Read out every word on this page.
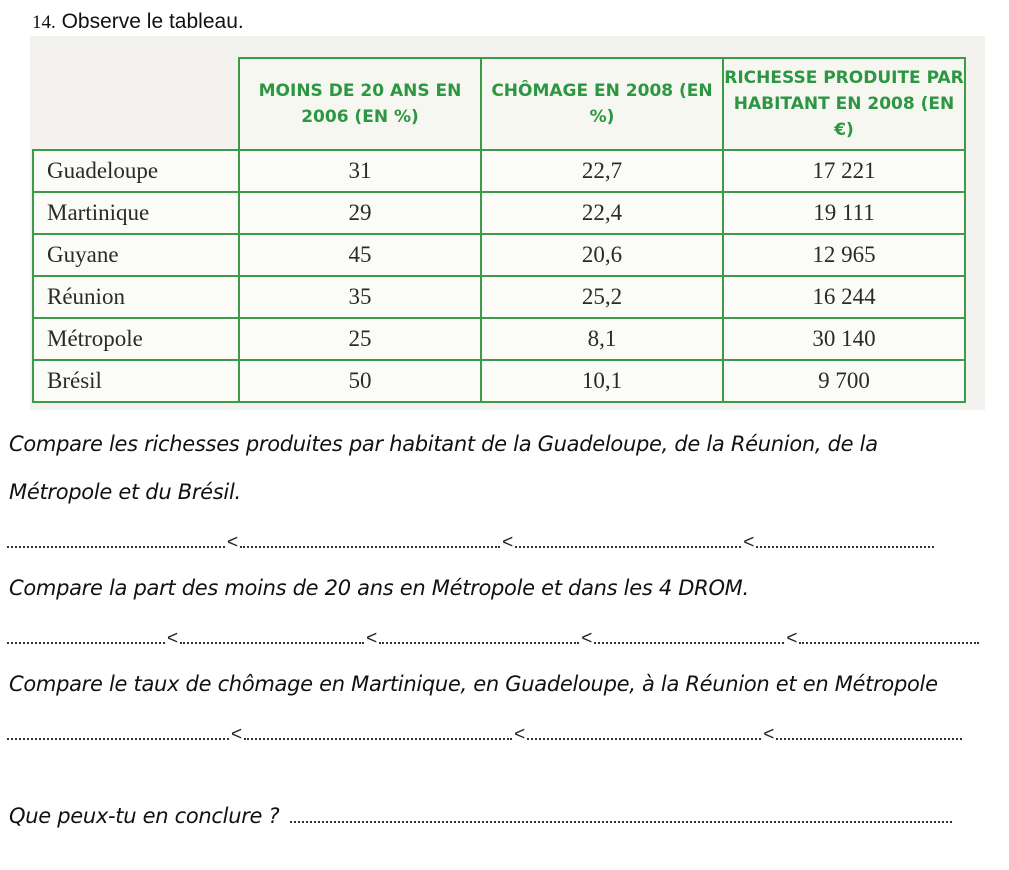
14. Observe le tableau.
	MOINS DE 20 ANS EN 2006 (EN %)	CHÔMAGE EN 2008 (EN %)	RICHESSE PRODUITE PAR HABITANT EN 2008 (EN €)
Guadeloupe	31	22,7	17 221
Martinique	29	22,4	19 111
Guyane	45	20,6	12 965
Réunion	35	25,2	16 244
Métropole	25	8,1	30 140
Brésil	50	10,1	9 700
Compare les richesses produites par habitant de la Guadeloupe, de la Réunion, de la
Métropole et du Brésil.
<	<	<
Compare la part des moins de 20 ans en Métropole et dans les 4 DROM.
<	<	<	<
Compare le taux de chômage en Martinique, en Guadeloupe, à la Réunion et en Métropole
<	<	<
Que peux-tu en conclure ?
